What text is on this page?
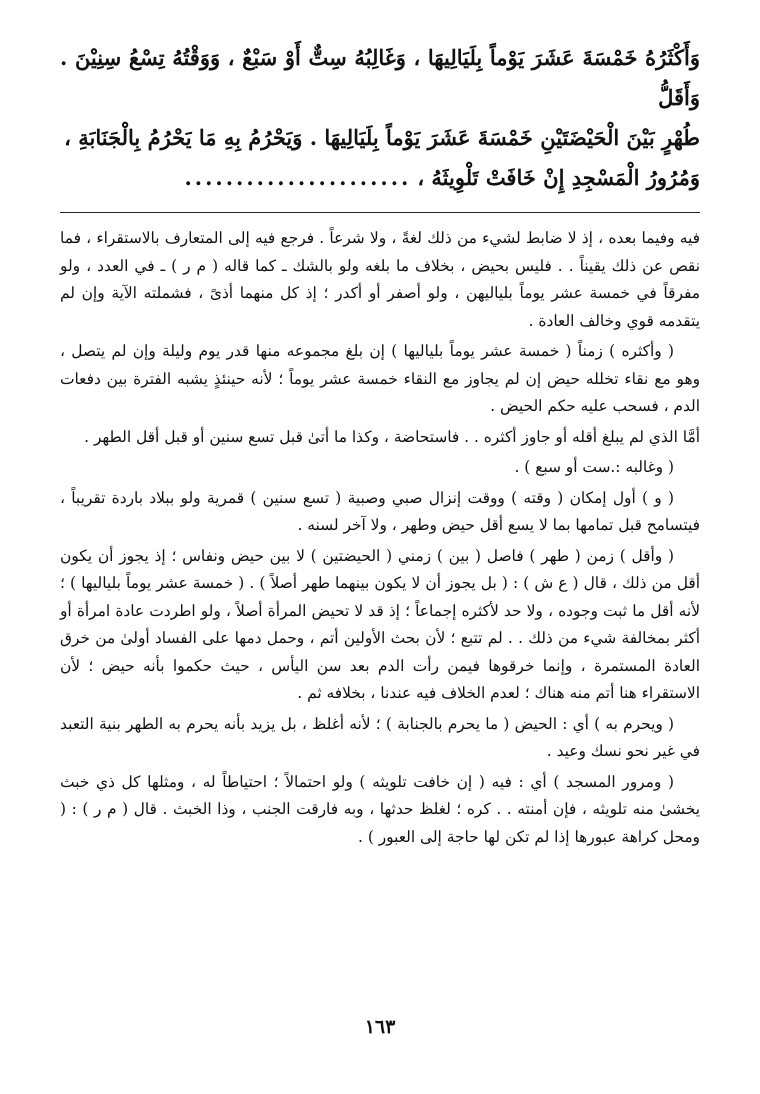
وَأَكْثَرُهُ خَمْسَةَ عَشَرَ يَوْماً بِلَيَالِيهَا ، وَغَالِبُهُ سِتٌّ أَوْ سَبْعٌ ، وَوَقْتُهُ تِسْعُ سِنِيْنَ . وَأَقَلُّ

طُهْرٍ بَيْنَ الْحَيْضَتَيْنِ خَمْسَةَ عَشَرَ يَوْماً بِلَيَالِيهَا . وَيَحْرُمُ بِهِ مَا يَحْرُمُ بِالْجَنَابَةِ ،

وَمُرُورُ الْمَسْجِدِ إِنْ خَافَتْ تَلْوِيثَهُ ،......................

فيه وفيما بعده ، إذ لا ضابط لشيء من ذلك لغةً ، ولا شرعاً . فرجع فيه إلى المتعارف بالاستقراء ، فما نقص عن ذلك يقيناً . . فليس بحيض ، بخلاف ما بلغه ولو بالشك ـ كما قاله ( م ر ) ـ في العدد ، ولو مفرقاً في خمسة عشر يوماً بلياليهن ، ولو أصفر أو أكدر ؛ إذ كل منهما أذىً ، فشملته الآية وإن لم يتقدمه قوي وخالف العادة .

( وأكثره ) زمناً ( خمسة عشر يوماً بلياليها ) إن بلغ مجموعه منها قدر يوم وليلة وإن لم يتصل ، وهو مع نقاء تخلله حيض إن لم يجاوز مع النقاء خمسة عشر يوماً ؛ لأنه حينئذٍ يشبه الفترة بين دفعات الدم ، فسحب عليه حكم الحيض .

أمَّا الذي لم يبلغ أقله أو جاوز أكثره . . فاستحاضة ، وكذا ما أتىٰ قبل تسع سنين أو قبل أقل الطهر .

( وغالبه :.ست أو سبع ) .

( و ) أول إمكان ( وقته ) ووقت إنزال صبي وصبية ( تسع سنين ) قمرية ولو ببلاد باردة تقريباً ، فيتسامح قبل تمامها بما لا يسع أقل حيض وطهر ، ولا آخر لسنه .

( وأقل ) زمن ( طهر ) فاصل ( بين ) زمني ( الحيضتين ) لا بين حيض ونفاس ؛ إذ يجوز أن يكون أقل من ذلك ، قال ( ع ش ) : ( بل يجوز أن لا يكون بينهما طهر أصلاً ) . ( خمسة عشر يوماً بلياليها ) ؛ لأنه أقل ما ثبت وجوده ، ولا حد لأكثره إجماعاً ؛ إذ قد لا تحيض المرأة أصلاً ، ولو اطردت عادة امرأة أو أكثر بمخالفة شيء من ذلك . . لم تتبع ؛ لأن بحث الأولين أتم ، وحمل دمها على الفساد أولىٰ من خرق العادة المستمرة ، وإنما خرقوها فيمن رأت الدم بعد سن اليأس ، حيث حكموا بأنه حيض ؛ لأن الاستقراء هنا أتم منه هناك ؛ لعدم الخلاف فيه عندنا ، بخلافه ثم .

( ويحرم به ) أي : الحيض ( ما يحرم بالجنابة ) ؛ لأنه أغلظ ، بل يزيد بأنه يحرم به الطهر بنية التعبد في غير نحو نسك وعيد .

( ومرور المسجد ) أي : فيه ( إن خافت تلويثه ) ولو احتمالاً ؛ احتياطاً له ، ومثلها كل ذي خبث يخشىٰ منه تلويثه ، فإن أمنته . . كره ؛ لغلظ حدثها ، وبه فارقت الجنب ، وذا الخبث . قال ( م ر ) : ( ومحل كراهة عبورها إذا لم تكن لها حاجة إلى العبور ) .

١٦٣
